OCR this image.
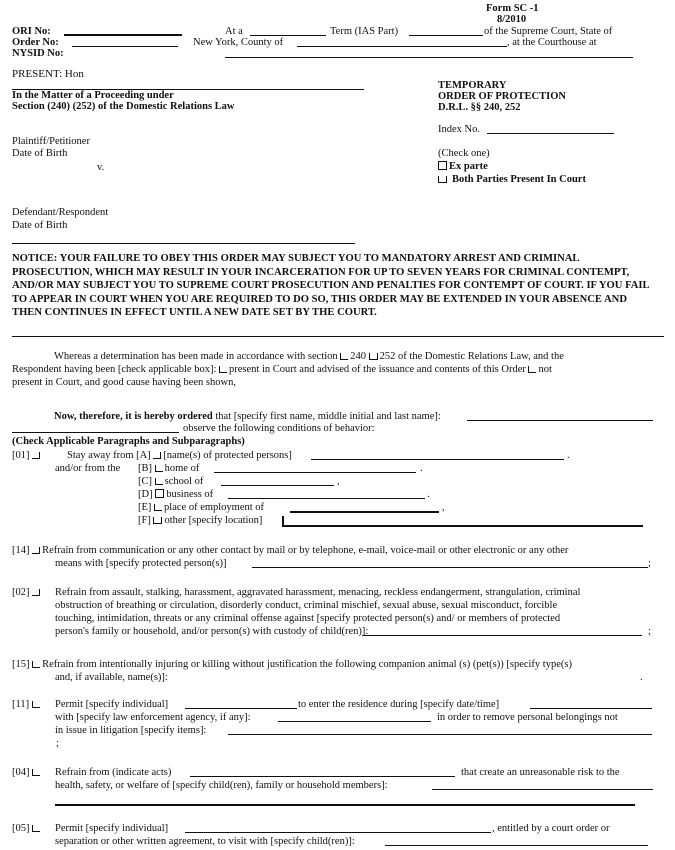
Form SC -1
8/2010
ORI No:
Order No:
NYSID No:
At a	Term (IAS Part)	of the Supreme Court, State of
New York, County of	, at the Courthouse at
PRESENT: Hon
In the Matter of a Proceeding under
Section (240) (252) of the Domestic Relations Law
Plaintiff/Petitioner
Date of Birth
v.
Defendant/Respondent
Date of Birth
TEMPORARY
ORDER OF PROTECTION
D.R.L. §§ 240, 252
Index No.
(Check one)
Ex parte
Both Parties Present In Court
NOTICE: YOUR FAILURE TO OBEY THIS ORDER MAY SUBJECT YOU TO MANDATORY ARREST AND CRIMINAL PROSECUTION, WHICH MAY RESULT IN YOUR INCARCERATION FOR UP TO SEVEN YEARS FOR CRIMINAL CONTEMPT, AND/OR MAY SUBJECT YOU TO SUPREME COURT PROSECUTION AND PENALTIES FOR CONTEMPT OF COURT. IF YOU FAIL TO APPEAR IN COURT WHEN YOU ARE REQUIRED TO DO SO, THIS ORDER MAY BE EXTENDED IN YOUR ABSENCE AND THEN CONTINUES IN EFFECT UNTIL A NEW DATE SET BY THE COURT.
Whereas a determination has been made in accordance with section 240 252 of the Domestic Relations Law, and the
Respondent having been [check applicable box]: present in Court and advised of the issuance and contents of this Order not
present in Court, and good cause having been shown,
Now, therefore, it is hereby ordered that [specify first name, middle initial and last name]:
observe the following conditions of behavior:
(Check Applicable Paragraphs and Subparagraphs)
[01]	Stay away from [A] [name(s) of protected persons]	.
and/or from the [B] home of	.
[C] school of	,
[D] business of	.
[E] place of employment of	,
[F] other [specify location]
[14] Refrain from communication or any other contact by mail or by telephone, e-mail, voice-mail or other electronic or any other
means with [specify protected person(s)]	;
[02]	Refrain from assault, stalking, harassment, aggravated harassment, menacing, reckless endangerment, strangulation, criminal
obstruction of breathing or circulation, disorderly conduct, criminal mischief, sexual abuse, sexual misconduct, forcible
touching, intimidation, threats or any criminal offense against [specify protected person(s) and/ or members of protected
person's family or household, and/or person(s) with custody of child(ren)]:	;
[15] Refrain from intentionally injuring or killing without justification the following companion animal (s) (pet(s)) [specify type(s)
and, if available, name(s)]:	.
[11]	Permit [specify individual]	to enter the residence during [specify date/time]
with [specify law enforcement agency, if any]:	in order to remove personal belongings not
in issue in litigation [specify items]:
;
[04]	Refrain from (indicate acts)	that create an unreasonable risk to the
health, safety, or welfare of [specify child(ren), family or household members]:
[05]	Permit [specify individual]	, entitled by a court order or
separation or other written agreement, to visit with [specify child(ren)]:
